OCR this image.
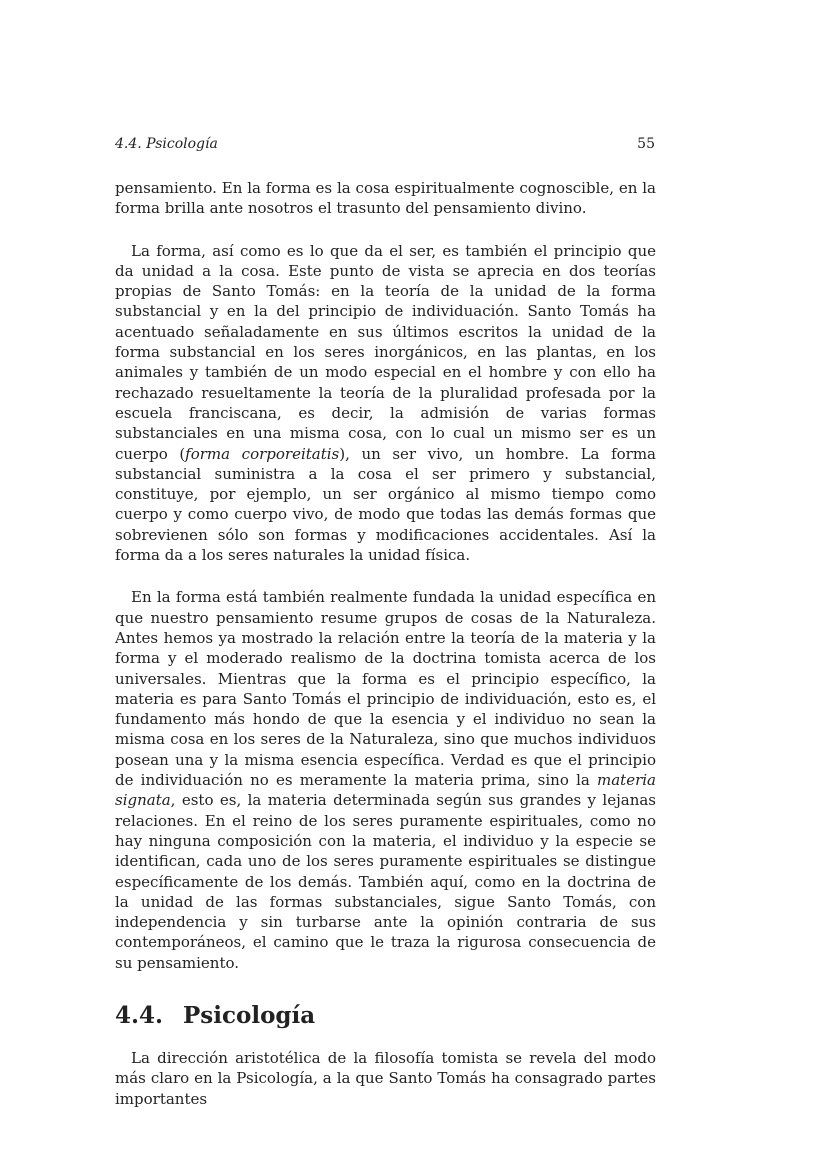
4.4. Psicología	55

pensamiento. En la forma es la cosa espiritualmente cognoscible, en la forma brilla ante nosotros el trasunto del pensamiento divino.

La forma, así como es lo que da el ser, es también el principio que da unidad a la cosa. Este punto de vista se aprecia en dos teorías propias de Santo Tomás: en la teoría de la unidad de la forma substancial y en la del principio de individuación. Santo Tomás ha acentuado señaladamente en sus últimos escritos la unidad de la forma substancial en los seres inorgánicos, en las plantas, en los animales y también de un modo especial en el hombre y con ello ha rechazado resueltamente la teoría de la pluralidad profesada por la escuela franciscana, es decir, la admisión de varias formas substanciales en una misma cosa, con lo cual un mismo ser es un cuerpo (forma corporeitatis), un ser vivo, un hombre. La forma substancial suministra a la cosa el ser primero y substancial, constituye, por ejemplo, un ser orgánico al mismo tiempo como cuerpo y como cuerpo vivo, de modo que todas las demás formas que sobrevienen sólo son formas y modificaciones accidentales. Así la forma da a los seres naturales la unidad física.

En la forma está también realmente fundada la unidad específica en que nuestro pensamiento resume grupos de cosas de la Naturaleza. Antes hemos ya mostrado la relación entre la teoría de la materia y la forma y el moderado realismo de la doctrina tomista acerca de los universales. Mientras que la forma es el principio específico, la materia es para Santo Tomás el principio de individuación, esto es, el fundamento más hondo de que la esencia y el individuo no sean la misma cosa en los seres de la Naturaleza, sino que muchos individuos posean una y la misma esencia específica. Verdad es que el principio de individuación no es meramente la materia prima, sino la materia signata, esto es, la materia determinada según sus grandes y lejanas relaciones. En el reino de los seres puramente espirituales, como no hay ninguna composición con la materia, el individuo y la especie se identifican, cada uno de los seres puramente espirituales se distingue específicamente de los demás. También aquí, como en la doctrina de la unidad de las formas substanciales, sigue Santo Tomás, con independencia y sin turbarse ante la opinión contraria de sus contemporáneos, el camino que le traza la rigurosa consecuencia de su pensamiento.

4.4. Psicología

La dirección aristotélica de la filosofía tomista se revela del modo más claro en la Psicología, a la que Santo Tomás ha consagrado partes importantes
